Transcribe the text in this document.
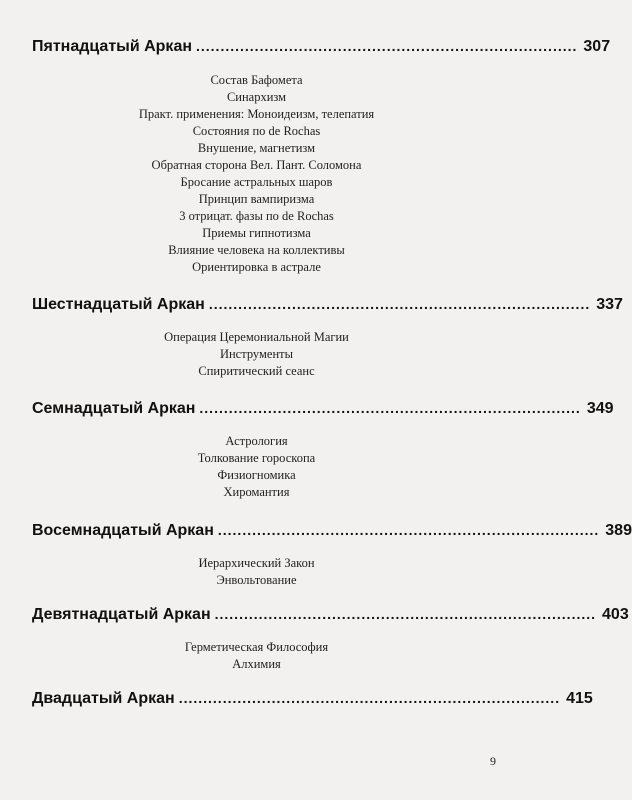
Пятнадцатый Аркан .............................................................................. 307
Состав Бафомета
Синархизм
Практ. применения: Моноидеизм, телепатия
Состояния по de Rochas
Внушение, магнетизм
Обратная сторона Вел. Пант. Соломона
Бросание астральных шаров
Принцип вампиризма
3 отрицат. фазы по de Rochas
Приемы гипнотизма
Влияние человека на коллективы
Ориентировка в астрале
Шестнадцатый Аркан .............................................................................. 337
Операция Церемониальной Магии
Инструменты
Спиритический сеанс
Семнадцатый Аркан .............................................................................. 349
Астрология
Толкование гороскопа
Физиогномика
Хиромантия
Восемнадцатый Аркан .............................................................................. 389
Иерархический Закон
Энвольтование
Девятнадцатый Аркан .............................................................................. 403
Герметическая Философия
Алхимия
Двадцатый Аркан .............................................................................. 415
9
